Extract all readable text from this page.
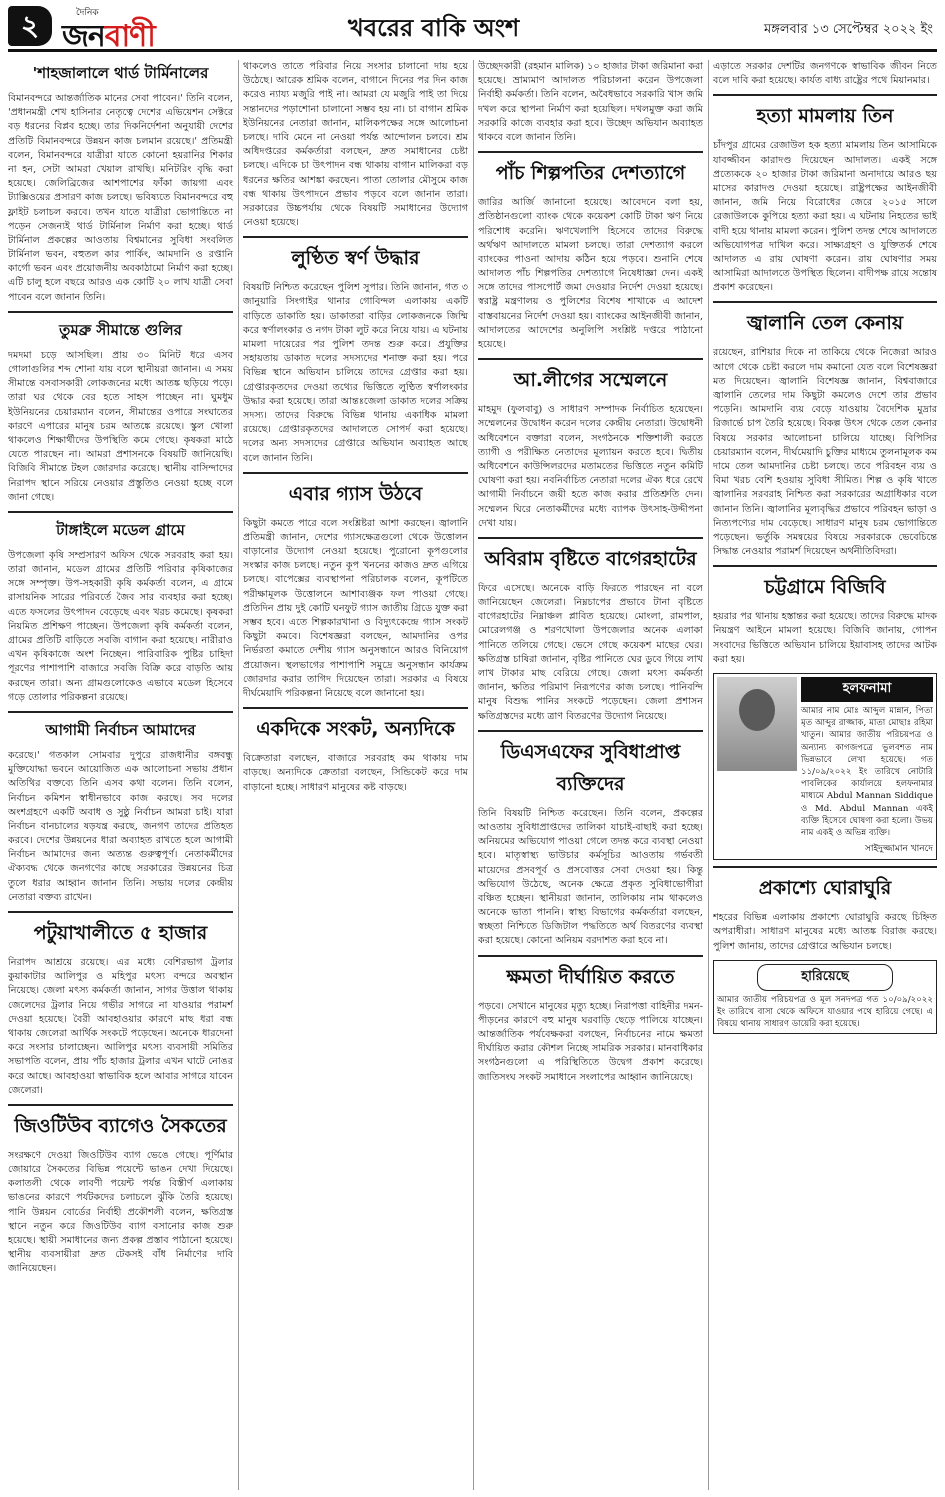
২	দৈনিক
জনবাণী	খবরের বাকি অংশ	মঙ্গলবার ১৩ সেপ্টেম্বর ২০২২ ইং
'শাহজালালে থার্ড টার্মিনালের
বিমানবন্দরে আন্তর্জাতিক মানের সেবা পাবেন।' তিনি বলেন, 'প্রধানমন্ত্রী শেখ হাসিনার নেতৃত্বে দেশের এভিয়েশন সেক্টরে বড় ধরনের বিপ্লব হচ্ছে। তার দিকনির্দেশনা অনুযায়ী দেশের প্রতিটি বিমানবন্দরে উন্নয়ন কাজ চলমান রয়েছে।' প্রতিমন্ত্রী বলেন, বিমানবন্দরে যাত্রীরা যাতে কোনো হয়রানির শিকার না হন, সেটা আমরা খেয়াল রাখছি। মনিটরিং বৃদ্ধি করা হয়েছে। জেলিব্রিজের আশপাশের ফাঁকা জায়গা এবং ট্যাক্সিওয়ের প্রসারণ কাজ চলছে। ভবিষ্যতে বিমানবন্দরে বহু ফ্লাইট চলাচল করবে। তখন যাতে যাত্রীরা ভোগান্তিতে না পড়েন সেজন্যই থার্ড টার্মিনাল নির্মাণ করা হচ্ছে। থার্ড টার্মিনাল প্রকল্পের আওতায় বিশ্বমানের সুবিধা সংবলিত টার্মিনাল ভবন, বহুতল কার পার্কিং, আমদানি ও রপ্তানি কার্গো ভবন এবং প্রয়োজনীয় অবকাঠামো নির্মাণ করা হচ্ছে। এটি চালু হলে বছরে আরও এক কোটি ২০ লাখ যাত্রী সেবা পাবেন বলে জানান তিনি।
তুমব্রু সীমান্তে গুলির
দমদমা চড়ে আসছিল। প্রায় ৩০ মিনিট ধরে এসব গোলাগুলির শব্দ শোনা যায় বলে স্থানীয়রা জানান। এ সময় সীমান্তে বসবাসকারী লোকজনের মধ্যে আতঙ্ক ছড়িয়ে পড়ে। তারা ঘর থেকে বের হতে সাহস পাচ্ছেন না। ঘুমধুম ইউনিয়নের চেয়ারম্যান বলেন, সীমান্তের ওপারে সংঘাতের কারণে এপারের মানুষ চরম আতঙ্কে রয়েছে। স্কুল খোলা থাকলেও শিক্ষার্থীদের উপস্থিতি কমে গেছে। কৃষকরা মাঠে যেতে পারছেন না। আমরা প্রশাসনকে বিষয়টি জানিয়েছি। বিজিবি সীমান্তে টহল জোরদার করেছে। স্থানীয় বাসিন্দাদের নিরাপদ স্থানে সরিয়ে নেওয়ার প্রস্তুতিও নেওয়া হচ্ছে বলে জানা গেছে।
টাঙ্গাইলে মডেল গ্রামে
উপজেলা কৃষি সম্প্রসারণ অফিস থেকে সরবরাহ করা হয়। তারা জানান, মডেল গ্রামের প্রতিটি পরিবার কৃষিকাজের সঙ্গে সম্পৃক্ত। উপ-সহকারী কৃষি কর্মকর্তা বলেন, এ গ্রামে রাসায়নিক সারের পরিবর্তে জৈব সার ব্যবহার করা হচ্ছে। এতে ফসলের উৎপাদন বেড়েছে এবং খরচ কমেছে। কৃষকরা নিয়মিত প্রশিক্ষণ পাচ্ছেন। উপজেলা কৃষি কর্মকর্তা বলেন, গ্রামের প্রতিটি বাড়িতে সবজি বাগান করা হয়েছে। নারীরাও এখন কৃষিকাজে অংশ নিচ্ছেন। পারিবারিক পুষ্টির চাহিদা পূরণের পাশাপাশি বাজারে সবজি বিক্রি করে বাড়তি আয় করছেন তারা। অন্য গ্রামগুলোকেও এভাবে মডেল হিসেবে গড়ে তোলার পরিকল্পনা রয়েছে।
আগামী নির্বাচন আমাদের
করেছে।' গতকাল সোমবার দুপুরে রাজধানীর বঙ্গবন্ধু মুক্তিযোদ্ধা ভবনে আয়োজিত এক আলোচনা সভায় প্রধান অতিথির বক্তব্যে তিনি এসব কথা বলেন। তিনি বলেন, নির্বাচন কমিশন স্বাধীনভাবে কাজ করছে। সব দলের অংশগ্রহণে একটি অবাধ ও সুষ্ঠু নির্বাচন আমরা চাই। যারা নির্বাচন বানচালের ষড়যন্ত্র করছে, জনগণ তাদের প্রতিহত করবে। দেশের উন্নয়নের ধারা অব্যাহত রাখতে হলে আগামী নির্বাচন আমাদের জন্য অত্যন্ত গুরুত্বপূর্ণ। নেতাকর্মীদের ঐক্যবদ্ধ থেকে জনগণের কাছে সরকারের উন্নয়নের চিত্র তুলে ধরার আহ্বান জানান তিনি। সভায় দলের কেন্দ্রীয় নেতারা বক্তব্য রাখেন।
পটুয়াখালীতে ৫ হাজার
নিরাপদ আশ্রয়ে রয়েছে। এর মধ্যে বেশিরভাগ ট্রলার কুয়াকাটার আলিপুর ও মহিপুর মৎস্য বন্দরে অবস্থান নিয়েছে। জেলা মৎস্য কর্মকর্তা জানান, সাগর উত্তাল থাকায় জেলেদের ট্রলার নিয়ে গভীর সাগরে না যাওয়ার পরামর্শ দেওয়া হয়েছে। বৈরী আবহাওয়ার কারণে মাছ ধরা বন্ধ থাকায় জেলেরা আর্থিক সংকটে পড়েছেন। অনেকে ধারদেনা করে সংসার চালাচ্ছেন। আলিপুর মৎস্য ব্যবসায়ী সমিতির সভাপতি বলেন, প্রায় পাঁচ হাজার ট্রলার এখন ঘাটে নোঙর করে আছে। আবহাওয়া স্বাভাবিক হলে আবার সাগরে যাবেন জেলেরা।
জিওটিউব ব্যাগেও সৈকতের
সংরক্ষণে দেওয়া জিওটিউব ব্যাগ ভেঙে গেছে। পূর্ণিমার জোয়ারে সৈকতের বিভিন্ন পয়েন্টে ভাঙন দেখা দিয়েছে। কলাতলী থেকে লাবণী পয়েন্ট পর্যন্ত বিস্তীর্ণ এলাকায় ভাঙনের কারণে পর্যটকদের চলাচলে ঝুঁকি তৈরি হয়েছে। পানি উন্নয়ন বোর্ডের নির্বাহী প্রকৌশলী বলেন, ক্ষতিগ্রস্ত স্থানে নতুন করে জিওটিউব ব্যাগ বসানোর কাজ শুরু হয়েছে। স্থায়ী সমাধানের জন্য প্রকল্প প্রস্তাব পাঠানো হয়েছে। স্থানীয় ব্যবসায়ীরা দ্রুত টেকসই বাঁধ নির্মাণের দাবি জানিয়েছেন।
থাকলেও তাতে পরিবার নিয়ে সংসার চালানো দায় হয়ে উঠেছে। আরেক শ্রমিক বলেন, বাগানে দিনের পর দিন কাজ করেও ন্যায্য মজুরি পাই না। আমরা যে মজুরি পাই তা দিয়ে সন্তানদের পড়াশোনা চালানো সম্ভব হয় না। চা বাগান শ্রমিক ইউনিয়নের নেতারা জানান, মালিকপক্ষের সঙ্গে আলোচনা চলছে। দাবি মেনে না নেওয়া পর্যন্ত আন্দোলন চলবে। শ্রম অধিদপ্তরের কর্মকর্তারা বলছেন, দ্রুত সমাধানের চেষ্টা চলছে। এদিকে চা উৎপাদন বন্ধ থাকায় বাগান মালিকরা বড় ধরনের ক্ষতির আশঙ্কা করছেন। পাতা তোলার মৌসুমে কাজ বন্ধ থাকায় উৎপাদনে প্রভাব পড়বে বলে জানান তারা। সরকারের উচ্চপর্যায় থেকে বিষয়টি সমাধানের উদ্যোগ নেওয়া হয়েছে।
লুণ্ঠিত স্বর্ণ উদ্ধার
বিষয়টি নিশ্চিত করেছেন পুলিশ সুপার। তিনি জানান, গত ৩ জানুয়ারি সিংগাইর থানার গোবিন্দল এলাকায় একটি বাড়িতে ডাকাতি হয়। ডাকাতরা বাড়ির লোকজনকে জিম্মি করে স্বর্ণালংকার ও নগদ টাকা লুট করে নিয়ে যায়। এ ঘটনায় মামলা দায়েরের পর পুলিশ তদন্ত শুরু করে। প্রযুক্তির সহায়তায় ডাকাত দলের সদস্যদের শনাক্ত করা হয়। পরে বিভিন্ন স্থানে অভিযান চালিয়ে তাদের গ্রেপ্তার করা হয়। গ্রেপ্তারকৃতদের দেওয়া তথ্যের ভিত্তিতে লুণ্ঠিত স্বর্ণালংকার উদ্ধার করা হয়েছে। তারা আন্তঃজেলা ডাকাত দলের সক্রিয় সদস্য। তাদের বিরুদ্ধে বিভিন্ন থানায় একাধিক মামলা রয়েছে। গ্রেপ্তারকৃতদের আদালতে সোপর্দ করা হয়েছে। দলের অন্য সদস্যদের গ্রেপ্তারে অভিযান অব্যাহত আছে বলে জানান তিনি।
এবার গ্যাস উঠবে
কিছুটা কমতে পারে বলে সংশ্লিষ্টরা আশা করছেন। জ্বালানি প্রতিমন্ত্রী জানান, দেশের গ্যাসক্ষেত্রগুলো থেকে উত্তোলন বাড়ানোর উদ্যোগ নেওয়া হয়েছে। পুরোনো কূপগুলোর সংস্কার কাজ চলছে। নতুন কূপ খননের কাজও দ্রুত এগিয়ে চলছে। বাপেক্সের ব্যবস্থাপনা পরিচালক বলেন, কূপটিতে পরীক্ষামূলক উত্তোলনে আশাব্যঞ্জক ফল পাওয়া গেছে। প্রতিদিন প্রায় দুই কোটি ঘনফুট গ্যাস জাতীয় গ্রিডে যুক্ত করা সম্ভব হবে। এতে শিল্পকারখানা ও বিদ্যুৎকেন্দ্রে গ্যাস সংকট কিছুটা কমবে। বিশেষজ্ঞরা বলছেন, আমদানির ওপর নির্ভরতা কমাতে দেশীয় গ্যাস অনুসন্ধানে আরও বিনিয়োগ প্রয়োজন। স্থলভাগের পাশাপাশি সমুদ্রে অনুসন্ধান কার্যক্রম জোরদার করার তাগিদ দিয়েছেন তারা। সরকার এ বিষয়ে দীর্ঘমেয়াদি পরিকল্পনা নিয়েছে বলে জানানো হয়।
একদিকে সংকট, অন্যদিকে
বিক্রেতারা বলছেন, বাজারে সরবরাহ কম থাকায় দাম বাড়ছে। অন্যদিকে ক্রেতারা বলছেন, সিন্ডিকেট করে দাম বাড়ানো হচ্ছে। সাধারণ মানুষের কষ্ট বাড়ছে।
উচ্ছেদকারী (রহমান মালিক) ১০ হাজার টাকা জরিমানা করা হয়েছে। ভ্রাম্যমাণ আদালত পরিচালনা করেন উপজেলা নির্বাহী কর্মকর্তা। তিনি বলেন, অবৈধভাবে সরকারি খাস জমি দখল করে স্থাপনা নির্মাণ করা হয়েছিল। দখলমুক্ত করা জমি সরকারি কাজে ব্যবহার করা হবে। উচ্ছেদ অভিযান অব্যাহত থাকবে বলে জানান তিনি।
পাঁচ শিল্পপতির দেশত্যাগে
জারির আর্জি জানানো হয়েছে। আবেদনে বলা হয়, প্রতিষ্ঠানগুলো ব্যাংক থেকে কয়েকশ কোটি টাকা ঋণ নিয়ে পরিশোধ করেনি। ঋণখেলাপি হিসেবে তাদের বিরুদ্ধে অর্থঋণ আদালতে মামলা চলছে। তারা দেশত্যাগ করলে ব্যাংকের পাওনা আদায় কঠিন হয়ে পড়বে। শুনানি শেষে আদালত পাঁচ শিল্পপতির দেশত্যাগে নিষেধাজ্ঞা দেন। একই সঙ্গে তাদের পাসপোর্ট জমা দেওয়ার নির্দেশ দেওয়া হয়েছে। স্বরাষ্ট্র মন্ত্রণালয় ও পুলিশের বিশেষ শাখাকে এ আদেশ বাস্তবায়নের নির্দেশ দেওয়া হয়। ব্যাংকের আইনজীবী জানান, আদালতের আদেশের অনুলিপি সংশ্লিষ্ট দপ্তরে পাঠানো হয়েছে।
আ.লীগের সম্মেলনে
মাহমুদ (ফুলবাবু) ও সাধারণ সম্পাদক নির্বাচিত হয়েছেন। সম্মেলনের উদ্বোধন করেন দলের কেন্দ্রীয় নেতারা। উদ্বোধনী অধিবেশনে বক্তারা বলেন, সংগঠনকে শক্তিশালী করতে ত্যাগী ও পরীক্ষিত নেতাদের মূল্যায়ন করতে হবে। দ্বিতীয় অধিবেশনে কাউন্সিলরদের মতামতের ভিত্তিতে নতুন কমিটি ঘোষণা করা হয়। নবনির্বাচিত নেতারা দলের ঐক্য ধরে রেখে আগামী নির্বাচনে জয়ী হতে কাজ করার প্রতিশ্রুতি দেন। সম্মেলন ঘিরে নেতাকর্মীদের মধ্যে ব্যাপক উৎসাহ-উদ্দীপনা দেখা যায়।
অবিরাম বৃষ্টিতে বাগেরহাটের
ফিরে এসেছে। অনেকে বাড়ি ফিরতে পারছেন না বলে জানিয়েছেন জেলেরা। নিম্নচাপের প্রভাবে টানা বৃষ্টিতে বাগেরহাটের নিম্নাঞ্চল প্লাবিত হয়েছে। মোংলা, রামপাল, মোরেলগঞ্জ ও শরণখোলা উপজেলার অনেক এলাকা পানিতে তলিয়ে গেছে। ভেসে গেছে কয়েকশ মাছের ঘের। ক্ষতিগ্রস্ত চাষিরা জানান, বৃষ্টির পানিতে ঘের ডুবে গিয়ে লাখ লাখ টাকার মাছ বেরিয়ে গেছে। জেলা মৎস্য কর্মকর্তা জানান, ক্ষতির পরিমাণ নিরূপণের কাজ চলছে। পানিবন্দি মানুষ বিশুদ্ধ পানির সংকটে পড়েছেন। জেলা প্রশাসন ক্ষতিগ্রস্তদের মধ্যে ত্রাণ বিতরণের উদ্যোগ নিয়েছে।
ডিএসএফের সুবিধাপ্রাপ্ত ব্যক্তিদের
তিনি বিষয়টি নিশ্চিত করেছেন। তিনি বলেন, প্রকল্পের আওতায় সুবিধাপ্রাপ্তদের তালিকা যাচাই-বাছাই করা হচ্ছে। অনিয়মের অভিযোগ পাওয়া গেলে তদন্ত করে ব্যবস্থা নেওয়া হবে। মাতৃস্বাস্থ্য ভাউচার কর্মসূচির আওতায় গর্ভবতী মায়েদের প্রসবপূর্ব ও প্রসবোত্তর সেবা দেওয়া হয়। কিন্তু অভিযোগ উঠেছে, অনেক ক্ষেত্রে প্রকৃত সুবিধাভোগীরা বঞ্চিত হচ্ছেন। স্থানীয়রা জানান, তালিকায় নাম থাকলেও অনেকে ভাতা পাননি। স্বাস্থ্য বিভাগের কর্মকর্তারা বলছেন, স্বচ্ছতা নিশ্চিতে ডিজিটাল পদ্ধতিতে অর্থ বিতরণের ব্যবস্থা করা হয়েছে। কোনো অনিয়ম বরদাশত করা হবে না।
ক্ষমতা দীর্ঘায়িত করতে
পড়বে। সেখানে মানুষের মৃত্যু হচ্ছে। নিরাপত্তা বাহিনীর দমন-পীড়নের কারণে বহু মানুষ ঘরবাড়ি ছেড়ে পালিয়ে যাচ্ছেন। আন্তর্জাতিক পর্যবেক্ষকরা বলছেন, নির্বাচনের নামে ক্ষমতা দীর্ঘায়িত করার কৌশল নিচ্ছে সামরিক সরকার। মানবাধিকার সংগঠনগুলো এ পরিস্থিতিতে উদ্বেগ প্রকাশ করেছে। জাতিসংঘ সংকট সমাধানে সংলাপের আহ্বান জানিয়েছে।
এড়াতে সরকার দেশটির জনগণকে স্বাভাবিক জীবন নিতে বলে দাবি করা হয়েছে। কার্যত বাধ্য রাষ্ট্রের পথে মিয়ানমার।
হত্যা মামলায় তিন
চাঁদপুর গ্রামের রেজাউল হক হত্যা মামলায় তিন আসামিকে যাবজ্জীবন কারাদণ্ড দিয়েছেন আদালত। একই সঙ্গে প্রত্যেককে ২০ হাজার টাকা জরিমানা অনাদায়ে আরও ছয় মাসের কারাদণ্ড দেওয়া হয়েছে। রাষ্ট্রপক্ষের আইনজীবী জানান, জমি নিয়ে বিরোধের জেরে ২০১৫ সালে রেজাউলকে কুপিয়ে হত্যা করা হয়। এ ঘটনায় নিহতের ভাই বাদী হয়ে থানায় মামলা করেন। পুলিশ তদন্ত শেষে আদালতে অভিযোগপত্র দাখিল করে। সাক্ষ্যগ্রহণ ও যুক্তিতর্ক শেষে আদালত এ রায় ঘোষণা করেন। রায় ঘোষণার সময় আসামিরা আদালতে উপস্থিত ছিলেন। বাদীপক্ষ রায়ে সন্তোষ প্রকাশ করেছেন।
জ্বালানি তেল কেনায়
রয়েছেন, রাশিয়ার দিকে না তাকিয়ে থেকে নিজেরা আরও আগে থেকে চেষ্টা করলে দাম কমানো যেত বলে বিশেষজ্ঞরা মত দিয়েছেন। জ্বালানি বিশেষজ্ঞ জানান, বিশ্ববাজারে জ্বালানি তেলের দাম কিছুটা কমলেও দেশে তার প্রভাব পড়েনি। আমদানি ব্যয় বেড়ে যাওয়ায় বৈদেশিক মুদ্রার রিজার্ভে চাপ তৈরি হয়েছে। বিকল্প উৎস থেকে তেল কেনার বিষয়ে সরকার আলোচনা চালিয়ে যাচ্ছে। বিপিসির চেয়ারম্যান বলেন, দীর্ঘমেয়াদি চুক্তির মাধ্যমে তুলনামূলক কম দামে তেল আমদানির চেষ্টা চলছে। তবে পরিবহন ব্যয় ও বিমা খরচ বেশি হওয়ায় সুবিধা সীমিত। শিল্প ও কৃষি খাতে জ্বালানির সরবরাহ নিশ্চিত করা সরকারের অগ্রাধিকার বলে জানান তিনি। জ্বালানির মূল্যবৃদ্ধির প্রভাবে পরিবহন ভাড়া ও নিত্যপণ্যের দাম বেড়েছে। সাধারণ মানুষ চরম ভোগান্তিতে পড়েছেন। ভর্তুকি সমন্বয়ের বিষয়ে সরকারকে ভেবেচিন্তে সিদ্ধান্ত নেওয়ার পরামর্শ দিয়েছেন অর্থনীতিবিদরা।
চট্টগ্রামে বিজিবি
হয়রার পর থানায় হস্তান্তর করা হয়েছে। তাদের বিরুদ্ধে মাদক নিয়ন্ত্রণ আইনে মামলা হয়েছে। বিজিবি জানায়, গোপন সংবাদের ভিত্তিতে অভিযান চালিয়ে ইয়াবাসহ তাদের আটক করা হয়।
হলফনামা
আমার নাম মোঃ আব্দুল মান্নান, পিতা মৃত আব্দুর রাজ্জাক, মাতা মোছাঃ রহিমা খাতুন। আমার জাতীয় পরিচয়পত্র ও অন্যান্য কাগজপত্রে ভুলবশত নাম ভিন্নভাবে লেখা হয়েছে। গত ১১/০৯/২০২২ ইং তারিখে নোটারি পাবলিকের কার্যালয়ে হলফনামার মাধ্যমে Abdul Mannan Siddique ও Md. Abdul Mannan একই ব্যক্তি হিসেবে ঘোষণা করা হলো। উভয় নাম একই ও অভিন্ন ব্যক্তি।
সাইদুজ্জামান খানদে
প্রকাশ্যে ঘোরাঘুরি
শহরের বিভিন্ন এলাকায় প্রকাশ্যে ঘোরাঘুরি করছে চিহ্নিত অপরাধীরা। সাধারণ মানুষের মধ্যে আতঙ্ক বিরাজ করছে। পুলিশ জানায়, তাদের গ্রেপ্তারে অভিযান চলছে।
হারিয়েছে
আমার জাতীয় পরিচয়পত্র ও মূল সনদপত্র গত ১০/০৯/২০২২ ইং তারিখে বাসা থেকে অফিসে যাওয়ার পথে হারিয়ে গেছে। এ বিষয়ে থানায় সাধারণ ডায়েরি করা হয়েছে।
